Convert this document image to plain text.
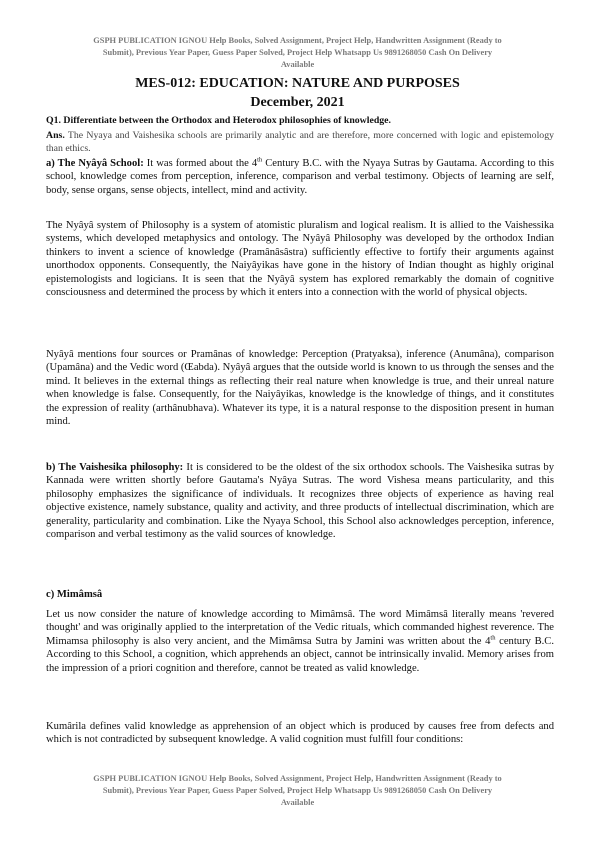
GSPH PUBLICATION IGNOU Help Books, Solved Assignment, Project Help, Handwritten Assignment (Ready to
Submit), Previous Year Paper, Guess Paper Solved, Project Help Whatsapp Us 9891268050 Cash On Delivery
Available
MES-012: EDUCATION: NATURE AND PURPOSES
December, 2021
Q1. Differentiate between the Orthodox and Heterodox philosophies of knowledge.
Ans. The Nyaya and Vaishesika schools are primarily analytic and are therefore, more concerned with logic and epistemology than ethics.
a) The Nyâyâ School: It was formed about the 4th Century B.C. with the Nyaya Sutras by Gautama. According to this school, knowledge comes from perception, inference, comparison and verbal testimony. Objects of learning are self, body, sense organs, sense objects, intellect, mind and activity.
The Nyâyâ system of Philosophy is a system of atomistic pluralism and logical realism. It is allied to the Vaishessika systems, which developed metaphysics and ontology. The Nyâyâ Philosophy was developed by the orthodox Indian thinkers to invent a science of knowledge (Pramânâsâstra) sufficiently effective to fortify their arguments against unorthodox opponents. Consequently, the Naiyâyikas have gone in the history of Indian thought as highly original epistemologists and logicians. It is seen that the Nyâyâ system has explored remarkably the domain of cognitive consciousness and determined the process by which it enters into a connection with the world of physical objects.
Nyâyâ mentions four sources or Pramânas of knowledge: Perception (Pratyaksa), inference (Anumâna), comparison (Upamâna) and the Vedic word (Œabda). Nyâyâ argues that the outside world is known to us through the senses and the mind. It believes in the external things as reflecting their real nature when knowledge is true, and their unreal nature when knowledge is false. Consequently, for the Naiyâyikas, knowledge is the knowledge of things, and it constitutes the expression of reality (arthânubhava). Whatever its type, it is a natural response to the disposition present in human mind.
b) The Vaishesika philosophy: It is considered to be the oldest of the six orthodox schools. The Vaishesika sutras by Kannada were written shortly before Gautama's Nyâya Sutras. The word Vishesa means particularity, and this philosophy emphasizes the significance of individuals. It recognizes three objects of experience as having real objective existence, namely substance, quality and activity, and three products of intellectual discrimination, which are generality, particularity and combination. Like the Nyaya School, this School also acknowledges perception, inference, comparison and verbal testimony as the valid sources of knowledge.
c) Mimâmsâ
Let us now consider the nature of knowledge according to Mimâmsâ. The word Mimâmsâ literally means 'revered thought' and was originally applied to the interpretation of the Vedic rituals, which commanded highest reverence. The Mimamsa philosophy is also very ancient, and the Mimâmsa Sutra by Jamini was written about the 4th century B.C. According to this School, a cognition, which apprehends an object, cannot be intrinsically invalid. Memory arises from the impression of a priori cognition and therefore, cannot be treated as valid knowledge.
Kumârila defines valid knowledge as apprehension of an object which is produced by causes free from defects and which is not contradicted by subsequent knowledge. A valid cognition must fulfill four conditions:
GSPH PUBLICATION IGNOU Help Books, Solved Assignment, Project Help, Handwritten Assignment (Ready to
Submit), Previous Year Paper, Guess Paper Solved, Project Help Whatsapp Us 9891268050 Cash On Delivery
Available
